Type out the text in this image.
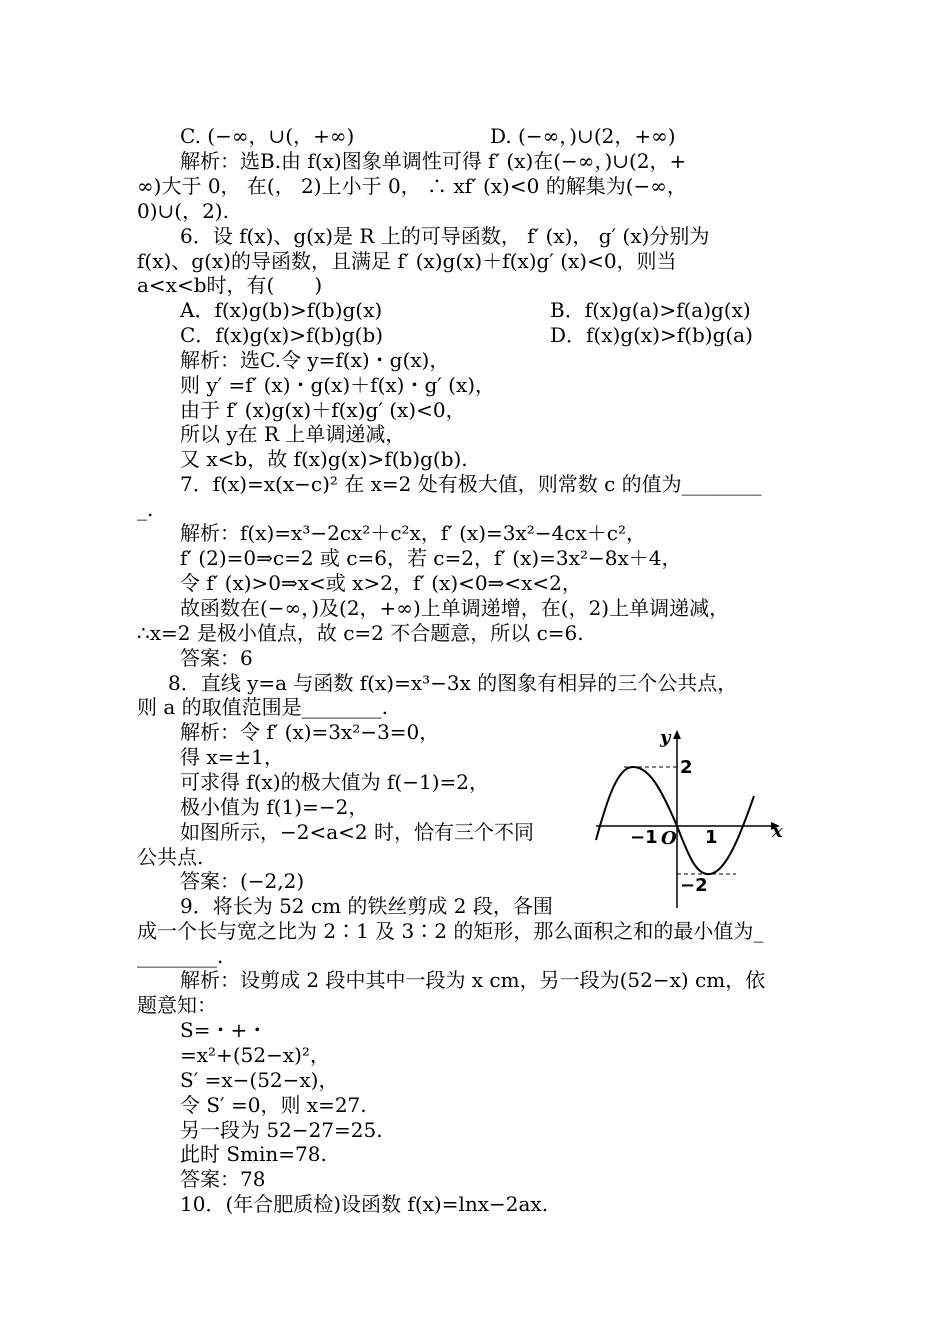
C. (−∞，∪(，+∞)	D. (−∞，)∪(2，+∞)
解析：选B.由 f(x)图象单调性可得 f′ (x)在(−∞，)∪(2，+
∞)大于 0， 在(， 2)上小于 0， ∴ xf′ (x)<0 的解集为(−∞，
0)∪(，2).
6．设 f(x)、g(x)是 R 上的可导函数， f′ (x)， g′ (x)分别为
f(x)、g(x)的导函数，且满足 f′ (x)g(x)＋f(x)g′ (x)<0，则当
a<x<b时，有(　　)
A．f(x)g(b)>f(b)g(x)	B．f(x)g(a)>f(a)g(x)
C．f(x)g(x)>f(b)g(b)	D．f(x)g(x)>f(b)g(a)
解析：选C.令 y=f(x)・g(x)，
则 y′ =f′ (x)・g(x)＋f(x)・g′ (x)，
由于 f′ (x)g(x)＋f(x)g′ (x)<0，
所以 y在 R 上单调递减，
又 x<b，故 f(x)g(x)>f(b)g(b).
7．f(x)=x(x−c)² 在 x=2 处有极大值，则常数 c 的值为________
_.
解析：f(x)=x³−2cx²＋c²x，f′ (x)=3x²−4cx＋c²，
f′ (2)=0⇒c=2 或 c=6，若 c=2，f′ (x)=3x²−8x＋4，
令 f′ (x)>0⇒x<或 x>2，f′ (x)<0⇒<x<2，
故函数在(−∞，)及(2，+∞)上单调递增，在(，2)上单调递减，
∴x=2 是极小值点，故 c=2 不合题意，所以 c=6.
答案：6
8．直线 y=a 与函数 f(x)=x³−3x 的图象有相异的三个公共点，
则 a 的取值范围是________.
解析：令 f′ (x)=3x²−3=0，
得 x=±1，
可求得 f(x)的极大值为 f(−1)=2，
极小值为 f(1)=−2，
如图所示，−2<a<2 时，恰有三个不同
公共点.
答案：(−2,2)
9．将长为 52 cm 的铁丝剪成 2 段，各围
成一个长与宽之比为 2∶1 及 3∶2 的矩形，那么面积之和的最小值为_
________.
解析：设剪成 2 段中其中一段为 x cm，另一段为(52−x) cm，依
题意知：
S=・+・
=x²+(52−x)²，
S′ =x−(52−x)，
令 S′ =0，则 x=27.
另一段为 52−27=25.
此时 Smin=78.
答案：78
10．(年合肥质检)设函数 f(x)=lnx−2ax.
y
x
2
−1 O 1
−2
